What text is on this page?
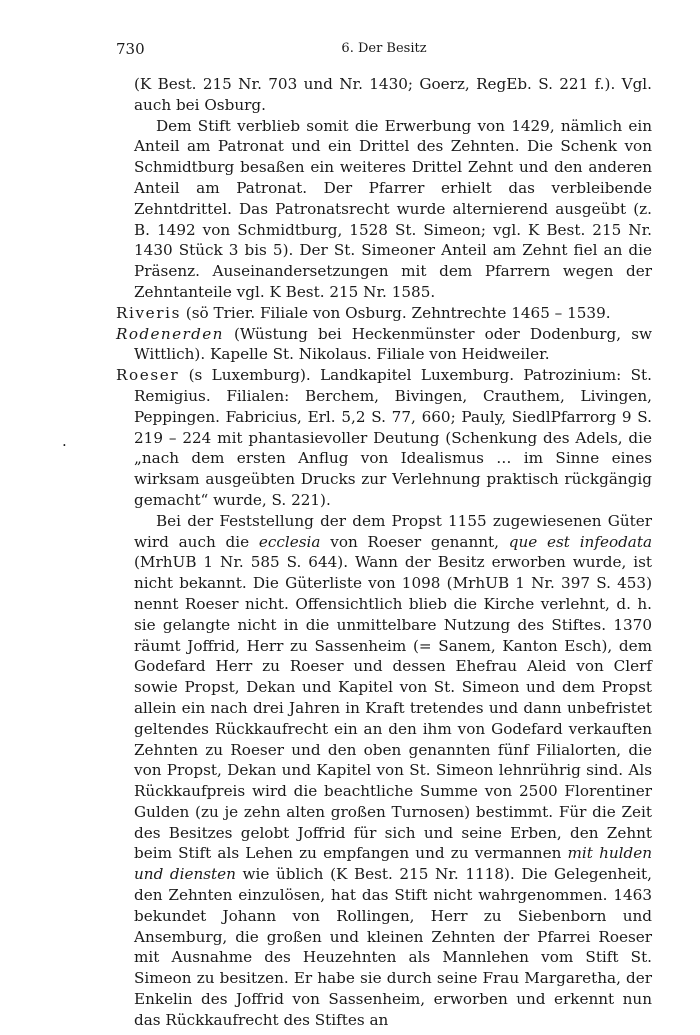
730	6. Der Besitz
.

(K Best. 215 Nr. 703 und Nr. 1430; Goerz, RegEb. S. 221 f.). Vgl. auch bei Osburg.

Dem Stift verblieb somit die Erwerbung von 1429, nämlich ein Anteil am Patronat und ein Drittel des Zehnten. Die Schenk von Schmidtburg besaßen ein weiteres Drittel Zehnt und den anderen Anteil am Patronat. Der Pfarrer erhielt das verbleibende Zehntdrittel. Das Patronatsrecht wurde alternierend ausgeübt (z. B. 1492 von Schmidtburg, 1528 St. Simeon; vgl. K Best. 215 Nr. 1430 Stück 3 bis 5). Der St. Simeoner Anteil am Zehnt fiel an die Präsenz. Auseinandersetzungen mit dem Pfarrern wegen der Zehntanteile vgl. K Best. 215 Nr. 1585.

Riveris (sö Trier. Filiale von Osburg. Zehntrechte 1465 – 1539.

Rodenerden (Wüstung bei Heckenmünster oder Dodenburg, sw Wittlich). Kapelle St. Nikolaus. Filiale von Heidweiler.

Roeser (s Luxemburg). Landkapitel Luxemburg. Patrozinium: St. Remigius. Filialen: Berchem, Bivingen, Crauthem, Livingen, Peppingen. Fabricius, Erl. 5,2 S. 77, 660; Pauly, SiedlPfarrorg 9 S. 219 – 224 mit phantasievoller Deutung (Schenkung des Adels, die „nach dem ersten Anflug von Idealismus … im Sinne eines wirksam ausgeübten Drucks zur Verlehnung praktisch rückgängig gemacht“ wurde, S. 221).

Bei der Feststellung der dem Propst 1155 zugewiesenen Güter wird auch die ecclesia von Roeser genannt, que est infeodata (MrhUB 1 Nr. 585 S. 644). Wann der Besitz erworben wurde, ist nicht bekannt. Die Güterliste von 1098 (MrhUB 1 Nr. 397 S. 453) nennt Roeser nicht. Offensichtlich blieb die Kirche verlehnt, d. h. sie gelangte nicht in die unmittelbare Nutzung des Stiftes. 1370 räumt Joffrid, Herr zu Sassenheim (= Sanem, Kanton Esch), dem Godefard Herr zu Roeser und dessen Ehefrau Aleid von Clerf sowie Propst, Dekan und Kapitel von St. Simeon und dem Propst allein ein nach drei Jahren in Kraft tretendes und dann unbefristet geltendes Rückkaufrecht ein an den ihm von Godefard verkauften Zehnten zu Roeser und den oben genannten fünf Filialorten, die von Propst, Dekan und Kapitel von St. Simeon lehnrührig sind. Als Rückkaufpreis wird die beachtliche Summe von 2500 Florentiner Gulden (zu je zehn alten großen Turnosen) bestimmt. Für die Zeit des Besitzes gelobt Joffrid für sich und seine Erben, den Zehnt beim Stift als Lehen zu empfangen und zu vermannen mit hulden und diensten wie üblich (K Best. 215 Nr. 1118). Die Gelegenheit, den Zehnten einzulösen, hat das Stift nicht wahrgenommen. 1463 bekundet Johann von Rollingen, Herr zu Siebenborn und Ansemburg, die großen und kleinen Zehnten der Pfarrei Roeser mit Ausnahme des Heuzehnten als Mannlehen vom Stift St. Simeon zu besitzen. Er habe sie durch seine Frau Margaretha, der Enkelin des Joffrid von Sassenheim, erworben und erkennt nun das Rückkaufrecht des Stiftes an
